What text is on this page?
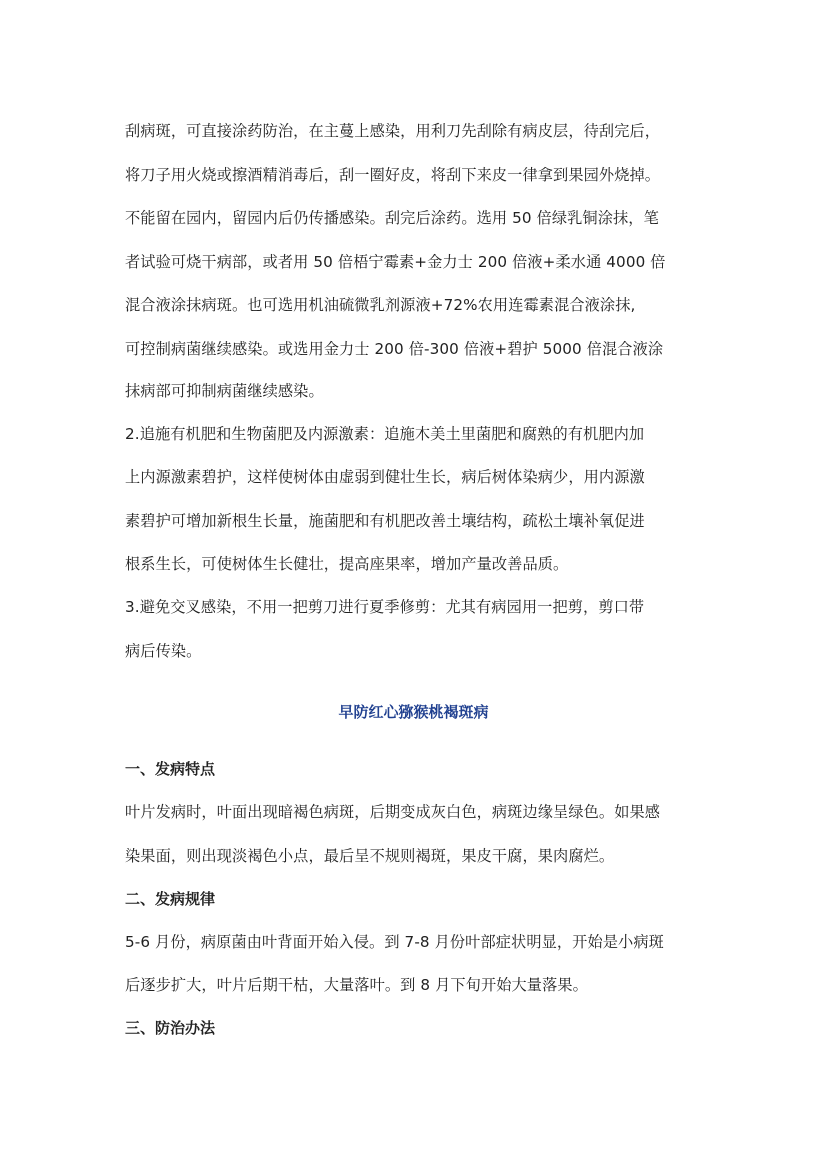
刮病斑，可直接涂药防治，在主蔓上感染，用利刀先刮除有病皮层，待刮完后，
将刀子用火烧或擦酒精消毒后，刮一圈好皮，将刮下来皮一律拿到果园外烧掉。
不能留在园内，留园内后仍传播感染。刮完后涂药。选用 50 倍绿乳铜涂抹，笔
者试验可烧干病部，或者用 50 倍梧宁霉素+金力士 200 倍液+柔水通 4000 倍
混合液涂抹病斑。也可选用机油硫微乳剂源液+72%农用连霉素混合液涂抹,
可控制病菌继续感染。或选用金力士 200 倍-300 倍液+碧护 5000 倍混合液涂
抹病部可抑制病菌继续感染。
2.追施有机肥和生物菌肥及内源激素：追施木美土里菌肥和腐熟的有机肥内加
上内源激素碧护，这样使树体由虚弱到健壮生长，病后树体染病少，用内源激
素碧护可增加新根生长量，施菌肥和有机肥改善土壤结构，疏松土壤补氧促进
根系生长，可使树体生长健壮，提高座果率，增加产量改善品质。
3.避免交叉感染，不用一把剪刀进行夏季修剪：尤其有病园用一把剪，剪口带
病后传染。
早防红心猕猴桃褐斑病
一、发病特点
叶片发病时，叶面出现暗褐色病斑，后期变成灰白色，病斑边缘呈绿色。如果感
染果面，则出现淡褐色小点，最后呈不规则褐斑，果皮干腐，果肉腐烂。
二、发病规律
5-6 月份，病原菌由叶背面开始入侵。到 7-8 月份叶部症状明显，开始是小病斑
后逐步扩大，叶片后期干枯，大量落叶。到 8 月下旬开始大量落果。
三、防治办法
